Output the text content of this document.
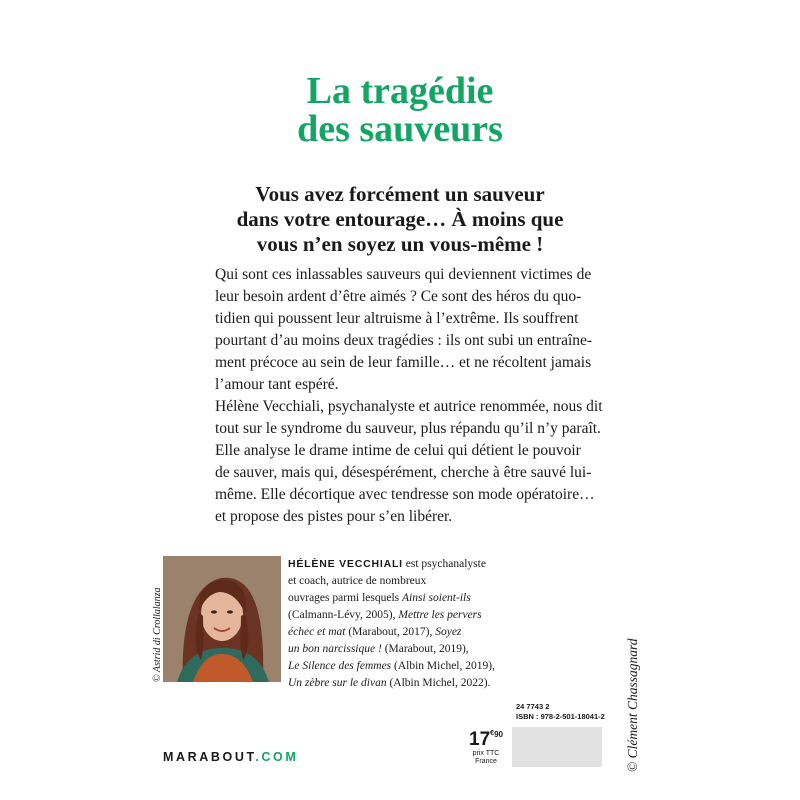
La tragédie
des sauveurs
Vous avez forcément un sauveur
dans votre entourage… À moins que
vous n’en soyez un vous-même !
Qui sont ces inlassables sauveurs qui deviennent victimes de
leur besoin ardent d’être aimés ? Ce sont des héros du quo-
tidien qui poussent leur altruisme à l’extrême. Ils souffrent
pourtant d’au moins deux tragédies : ils ont subi un entraîne-
ment précoce au sein de leur famille… et ne récoltent jamais
l’amour tant espéré.
Hélène Vecchiali, psychanalyste et autrice renommée, nous dit
tout sur le syndrome du sauveur, plus répandu qu’il n’y paraît.
Elle analyse le drame intime de celui qui détient le pouvoir
de sauver, mais qui, désespérément, cherche à être sauvé lui-
même. Elle décortique avec tendresse son mode opératoire…
et propose des pistes pour s’en libérer.
© Astrid di Crollalanza
HÉLÈNE VECCHIALI est psychanalyste
et coach, autrice de nombreux
ouvrages parmi lesquels Ainsi soient-ils
(Calmann-Lévy, 2005), Mettre les pervers
échec et mat (Marabout, 2017), Soyez
un bon narcissique ! (Marabout, 2019),
Le Silence des femmes (Albin Michel, 2019),
Un zèbre sur le divan (Albin Michel, 2022).	© Clément Chassagnard
MARABOUT.COM
24 7743 2
ISBN : 978-2-501-18041-2
$17^{€90}$
prix TTC
France
